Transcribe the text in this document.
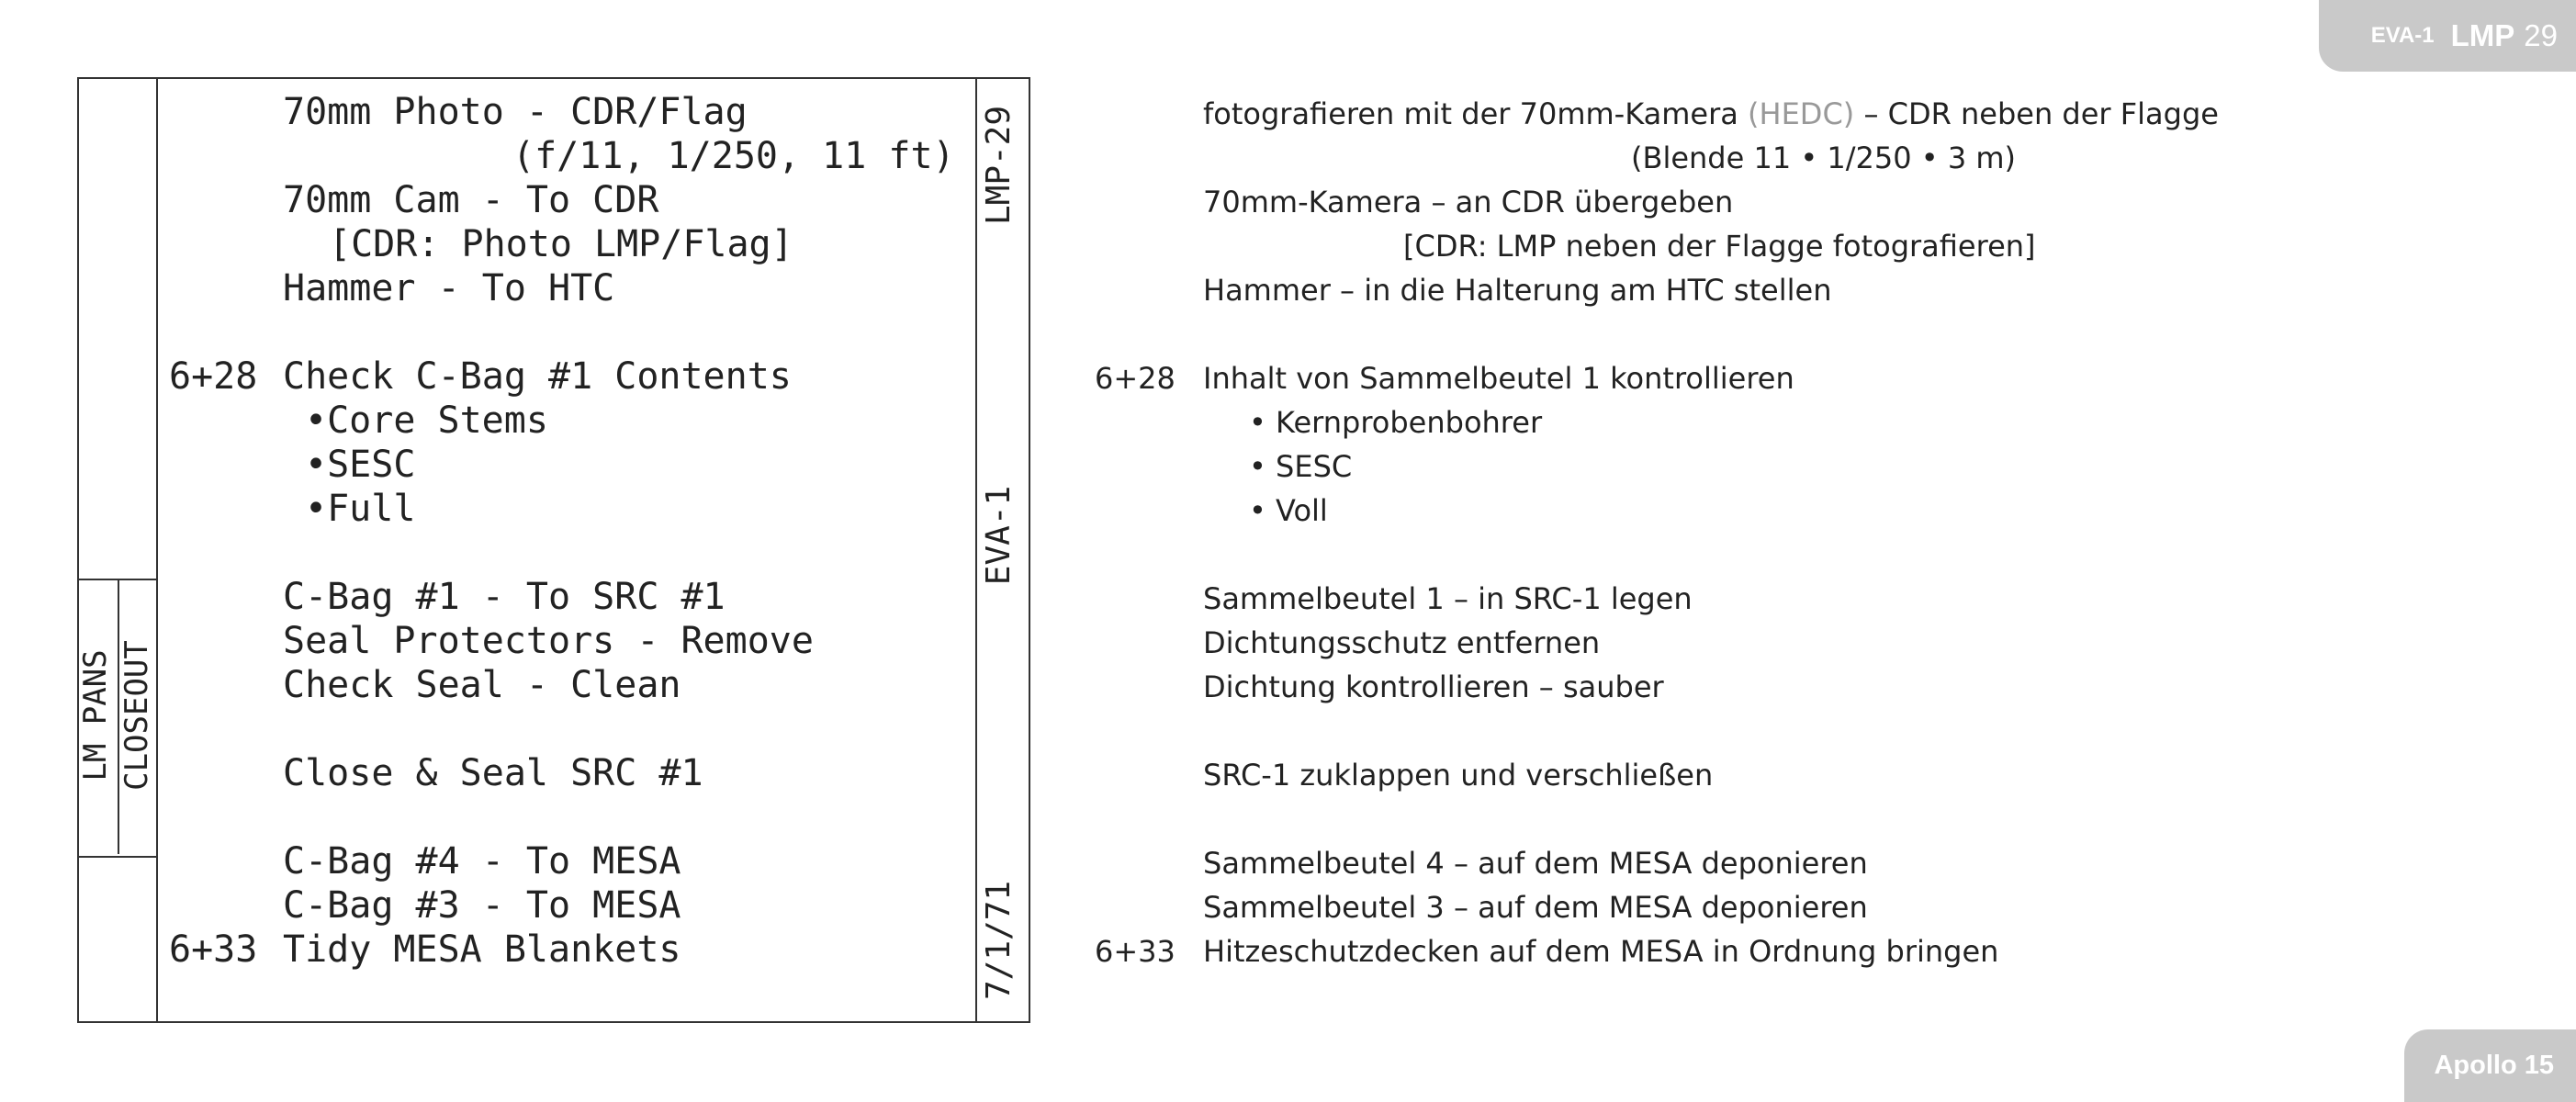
EVA-1 LMP 29
Apollo 15
LM PANS CLOSEOUT
LMP-29
EVA-1
7/1/71
70mm Photo - CDR/Flag
(f/11, 1/250, 11 ft)
70mm Cam - To CDR
[CDR: Photo LMP/Flag]
Hammer - To HTC
6+28 Check C-Bag #1 Contents
•Core Stems
•SESC
•Full
C-Bag #1 - To SRC #1
Seal Protectors - Remove
Check Seal - Clean
Close & Seal SRC #1
C-Bag #4 - To MESA
C-Bag #3 - To MESA
6+33 Tidy MESA Blankets
fotografieren mit der 70mm-Kamera (HEDC) – CDR neben der Flagge
(Blende 11 • 1/250 • 3 m)
70mm-Kamera – an CDR übergeben
[CDR: LMP neben der Flagge fotografieren]
Hammer – in die Halterung am HTC stellen
6+28 Inhalt von Sammelbeutel 1 kontrollieren
• Kernprobenbohrer
• SESC
• Voll
Sammelbeutel 1 – in SRC-1 legen
Dichtungsschutz entfernen
Dichtung kontrollieren – sauber
SRC-1 zuklappen und verschließen
Sammelbeutel 4 – auf dem MESA deponieren
Sammelbeutel 3 – auf dem MESA deponieren
6+33 Hitzeschutzdecken auf dem MESA in Ordnung bringen
